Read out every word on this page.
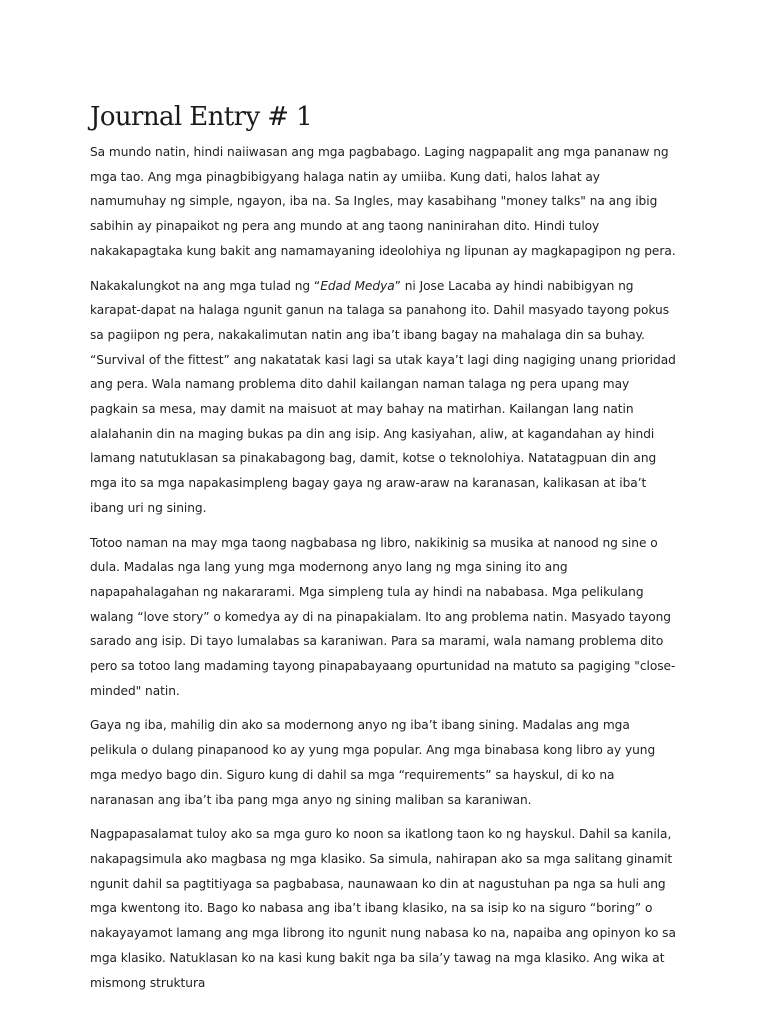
Journal Entry # 1

Sa mundo natin, hindi naiiwasan ang mga pagbabago. Laging nagpapalit ang mga pananaw ng mga tao. Ang mga pinagbibigyang halaga natin ay umiiba. Kung dati, halos lahat ay namumuhay ng simple, ngayon, iba na. Sa Ingles, may kasabihang "money talks" na ang ibig sabihin ay pinapaikot ng pera ang mundo at ang taong naninirahan dito. Hindi tuloy nakakapagtaka kung bakit ang namamayaning ideolohiya ng lipunan ay magkapagipon ng pera.

Nakakalungkot na ang mga tulad ng “Edad Medya” ni Jose Lacaba ay hindi nabibigyan ng karapat-dapat na halaga ngunit ganun na talaga sa panahong ito. Dahil masyado tayong pokus sa pagiipon ng pera, nakakalimutan natin ang iba’t ibang bagay na mahalaga din sa buhay. “Survival of the fittest” ang nakatatak kasi lagi sa utak kaya’t lagi ding nagiging unang prioridad ang pera. Wala namang problema dito dahil kailangan naman talaga ng pera upang may pagkain sa mesa, may damit na maisuot at may bahay na matirhan. Kailangan lang natin alalahanin din na maging bukas pa din ang isip. Ang kasiyahan, aliw, at kagandahan ay hindi lamang natutuklasan sa pinakabagong bag, damit, kotse o teknolohiya. Natatagpuan din ang mga ito sa mga napakasimpleng bagay gaya ng araw-araw na karanasan, kalikasan at iba’t ibang uri ng sining.

Totoo naman na may mga taong nagbabasa ng libro, nakikinig sa musika at nanood ng sine o dula. Madalas nga lang yung mga modernong anyo lang ng mga sining ito ang napapahalagahan ng nakararami. Mga simpleng tula ay hindi na nababasa. Mga pelikulang walang “love story” o komedya ay di na pinapakialam. Ito ang problema natin. Masyado tayong sarado ang isip. Di tayo lumalabas sa karaniwan. Para sa marami, wala namang problema dito pero sa totoo lang madaming tayong pinapabayaang opurtunidad na matuto sa pagiging "close-minded" natin.

Gaya ng iba, mahilig din ako sa modernong anyo ng iba’t ibang sining. Madalas ang mga pelikula o dulang pinapanood ko ay yung mga popular. Ang mga binabasa kong libro ay yung mga medyo bago din. Siguro kung di dahil sa mga “requirements” sa hayskul, di ko na naranasan ang iba’t iba pang mga anyo ng sining maliban sa karaniwan.

Nagpapasalamat tuloy ako sa mga guro ko noon sa ikatlong taon ko ng hayskul. Dahil sa kanila, nakapagsimula ako magbasa ng mga klasiko. Sa simula, nahirapan ako sa mga salitang ginamit ngunit dahil sa pagtitiyaga sa pagbabasa, naunawaan ko din at nagustuhan pa nga sa huli ang mga kwentong ito. Bago ko nabasa ang iba’t ibang klasiko, na sa isip ko na siguro “boring” o nakayayamot lamang ang mga librong ito ngunit nung nabasa ko na, napaiba ang opinyon ko sa mga klasiko. Natuklasan ko na kasi kung bakit nga ba sila’y tawag na mga klasiko. Ang wika at mismong struktura
